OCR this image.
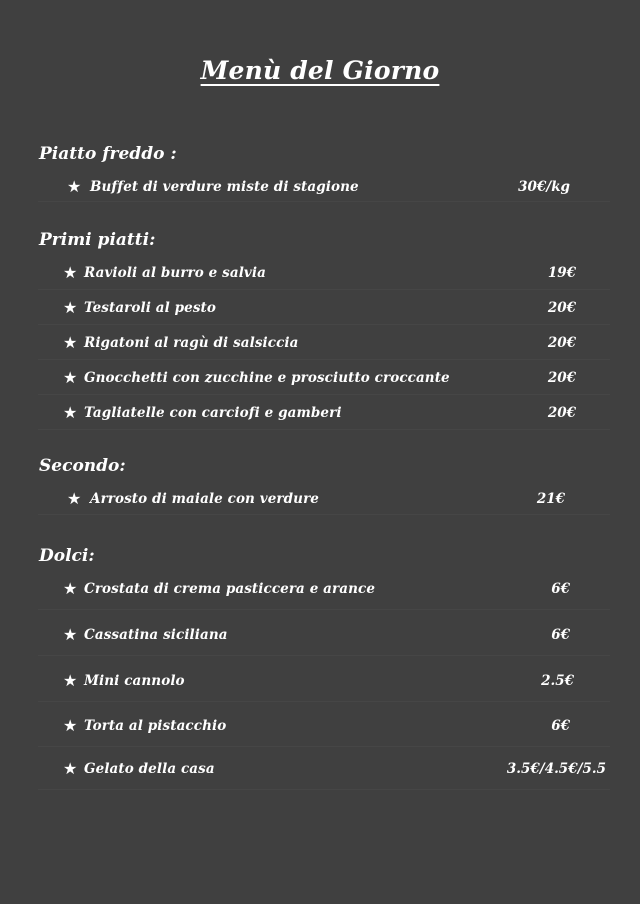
Menù del Giorno
Piatto freddo :
★ Buffet di verdure miste di stagione	30€/kg
Primi piatti:
★ Ravioli al burro e salvia	19€
★ Testaroli al pesto	20€
★ Rigatoni al ragù di salsiccia	20€
★ Gnocchetti con zucchine e prosciutto croccante	20€
★ Tagliatelle con carciofi e gamberi	20€
Secondo:
★ Arrosto di maiale con verdure	21€
Dolci:
★ Crostata di crema pasticcera e arance	6€
★ Cassatina siciliana	6€
★ Mini cannolo	2.5€
★ Torta al pistacchio	6€
★ Gelato della casa	3.5€/4.5€/5.5
